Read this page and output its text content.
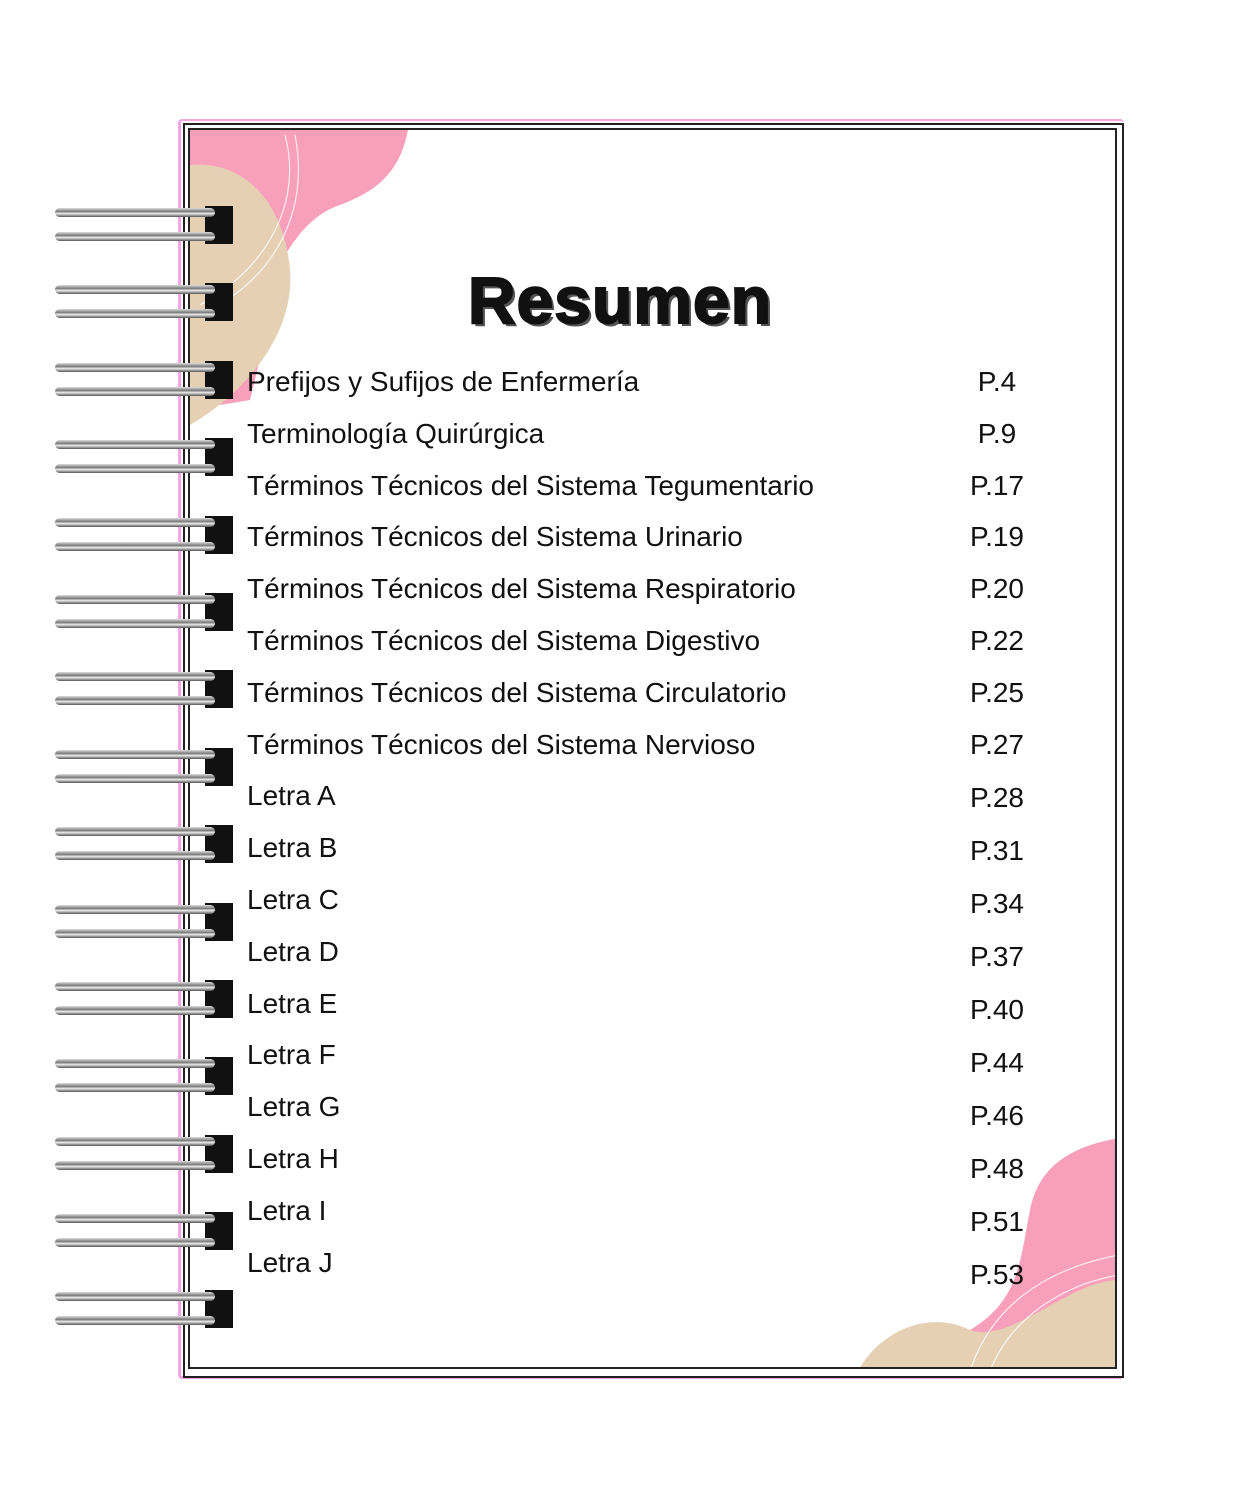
Resumen
Prefijos y Sufijos de Enfermería	P.4
Terminología Quirúrgica	P.9
Términos Técnicos del Sistema Tegumentario	P.17
Términos Técnicos del Sistema Urinario	P.19
Términos Técnicos del Sistema Respiratorio	P.20
Términos Técnicos del Sistema Digestivo	P.22
Términos Técnicos del Sistema Circulatorio	P.25
Términos Técnicos del Sistema Nervioso	P.27
Letra A	P.28
Letra B	P.31
Letra C	P.34
Letra D	P.37
Letra E	P.40
Letra F	P.44
Letra G	P.46
Letra H	P.48
Letra I	P.51
Letra J	P.53
